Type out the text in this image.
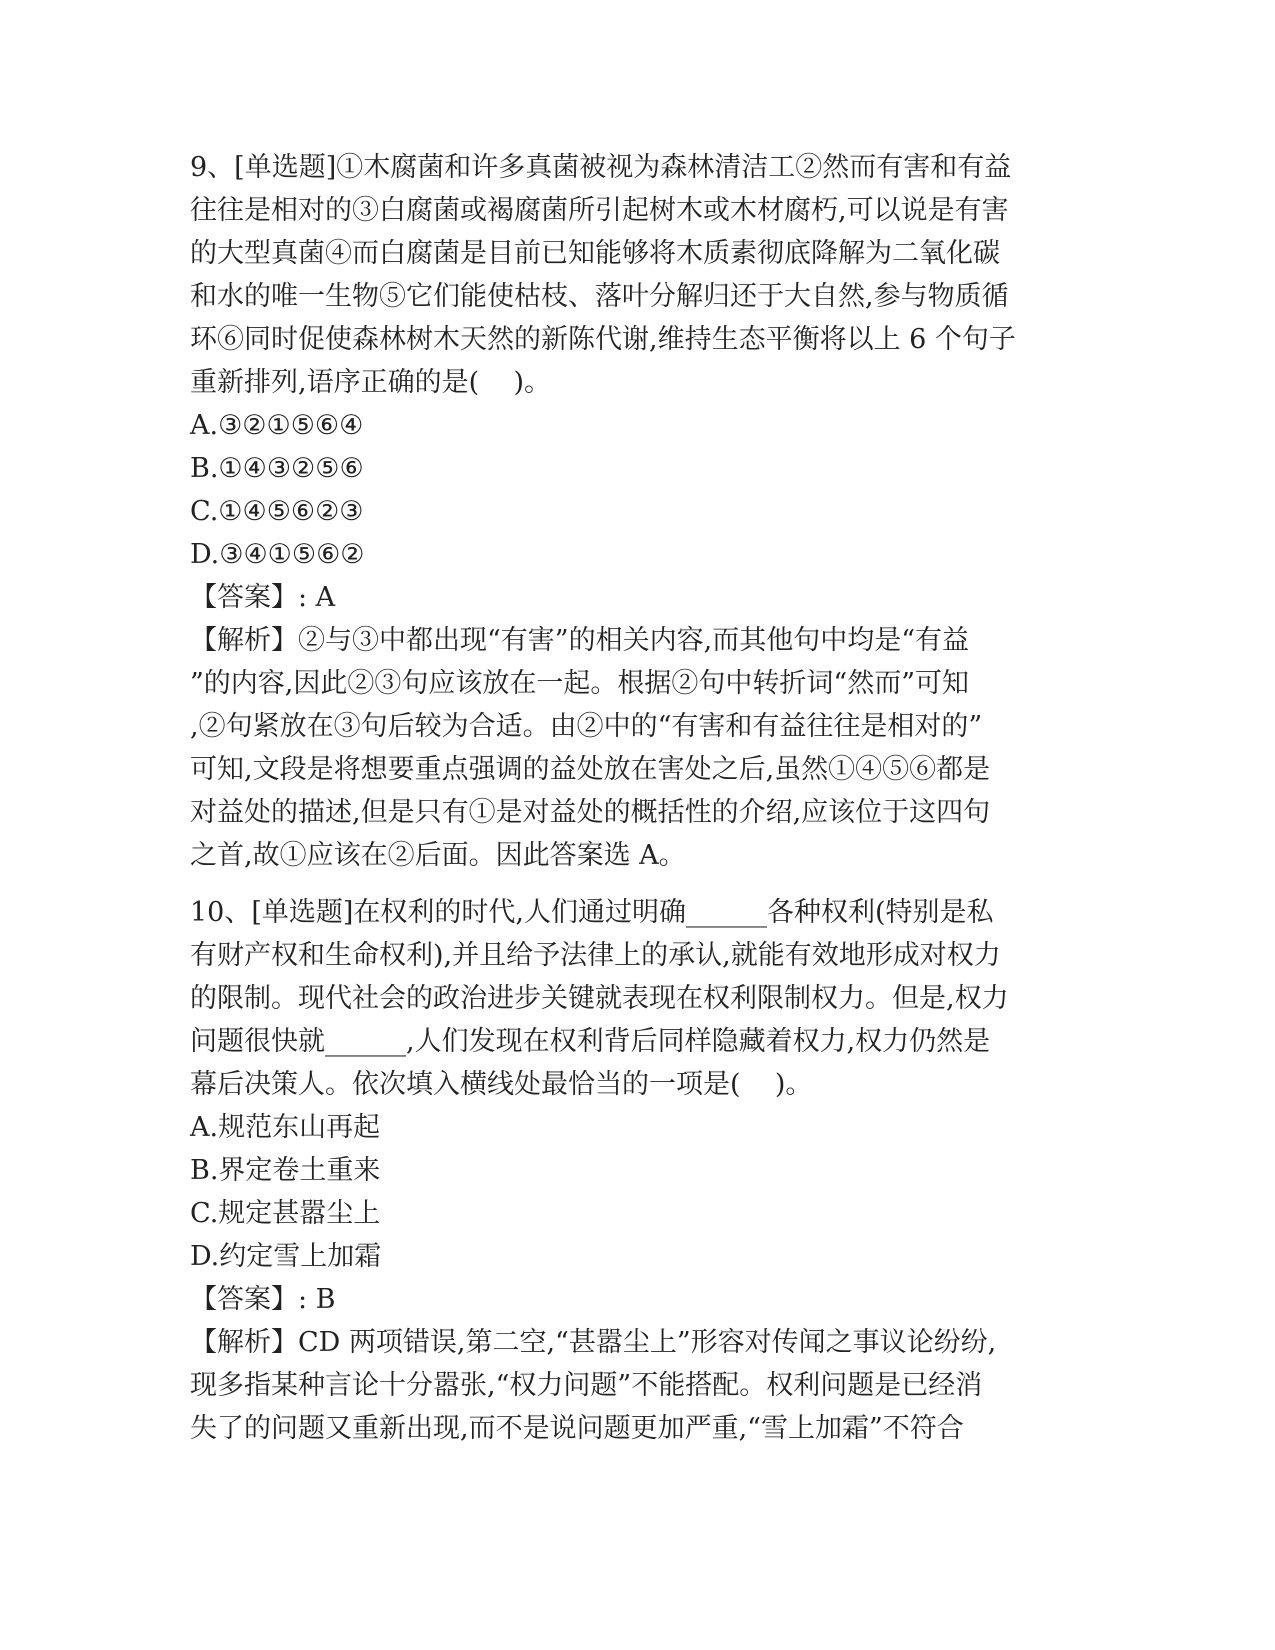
9、[单选题]①木腐菌和许多真菌被视为森林清洁工②然而有害和有益
往往是相对的③白腐菌或褐腐菌所引起树木或木材腐朽,可以说是有害
的大型真菌④而白腐菌是目前已知能够将木质素彻底降解为二氧化碳
和水的唯一生物⑤它们能使枯枝、落叶分解归还于大自然,参与物质循
环⑥同时促使森林树木天然的新陈代谢,维持生态平衡将以上 6 个句子
重新排列,语序正确的是(    )。
A.③②①⑤⑥④
B.①④③②⑤⑥
C.①④⑤⑥②③
D.③④①⑤⑥②
【答案】: A
【解析】②与③中都出现“有害”的相关内容,而其他句中均是“有益
”的内容,因此②③句应该放在一起。根据②句中转折词“然而”可知
,②句紧放在③句后较为合适。由②中的“有害和有益往往是相对的”
可知,文段是将想要重点强调的益处放在害处之后,虽然①④⑤⑥都是
对益处的描述,但是只有①是对益处的概括性的介绍,应该位于这四句
之首,故①应该在②后面。因此答案选 A。
10、[单选题]在权利的时代,人们通过明确______各种权利(特别是私
有财产权和生命权利),并且给予法律上的承认,就能有效地形成对权力
的限制。现代社会的政治进步关键就表现在权利限制权力。但是,权力
问题很快就______,人们发现在权利背后同样隐藏着权力,权力仍然是
幕后决策人。依次填入横线处最恰当的一项是(    )。
A.规范东山再起
B.界定卷土重来
C.规定甚嚣尘上
D.约定雪上加霜
【答案】: B
【解析】CD 两项错误,第二空,“甚嚣尘上”形容对传闻之事议论纷纷,
现多指某种言论十分嚣张,“权力问题”不能搭配。权利问题是已经消
失了的问题又重新出现,而不是说问题更加严重,“雪上加霜”不符合
